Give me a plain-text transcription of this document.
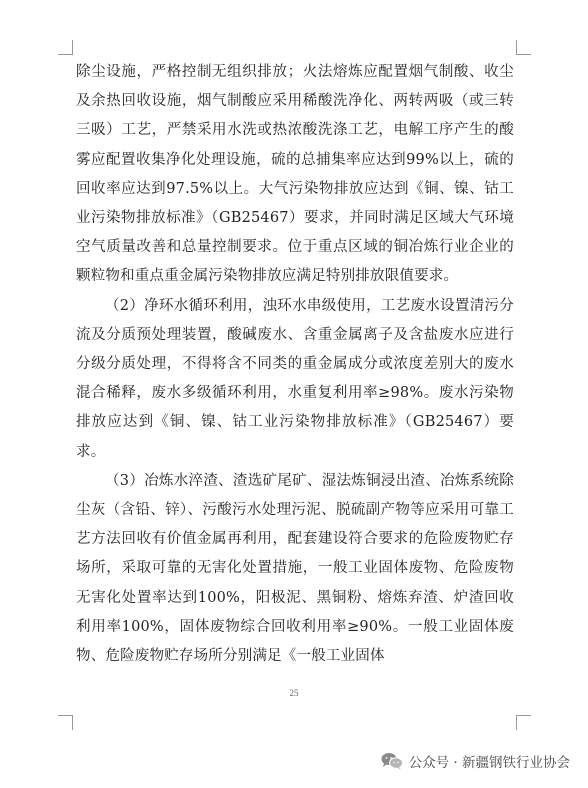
除尘设施，严格控制无组织排放；火法熔炼应配置烟气制酸、收尘及余热回收设施，烟气制酸应采用稀酸洗净化、两转两吸（或三转三吸）工艺，严禁采用水洗或热浓酸洗涤工艺，电解工序产生的酸雾应配置收集净化处理设施，硫的总捕集率应达到99%以上，硫的回收率应达到97.5%以上。大气污染物排放应达到《铜、镍、钴工业污染物排放标准》（GB25467）要求，并同时满足区域大气环境空气质量改善和总量控制要求。位于重点区域的铜冶炼行业企业的颗粒物和重点重金属污染物排放应满足特别排放限值要求。

（2）净环水循环利用，浊环水串级使用，工艺废水设置清污分流及分质预处理装置，酸碱废水、含重金属离子及含盐废水应进行分级分质处理，不得将含不同类的重金属成分或浓度差别大的废水混合稀释，废水多级循环利用，水重复利用率≥98%。废水污染物排放应达到《铜、镍、钴工业污染物排放标准》（GB25467）要求。

（3）冶炼水淬渣、渣选矿尾矿、湿法炼铜浸出渣、冶炼系统除尘灰（含铅、锌）、污酸污水处理污泥、脱硫副产物等应采用可靠工艺方法回收有价值金属再利用，配套建设符合要求的危险废物贮存场所，采取可靠的无害化处置措施，一般工业固体废物、危险废物无害化处置率达到100%，阳极泥、黑铜粉、熔炼弃渣、炉渣回收利用率100%，固体废物综合回收利用率≥90%。一般工业固体废物、危险废物贮存场所分别满足《一般工业固体

25
公众号 · 新疆钢铁行业协会
